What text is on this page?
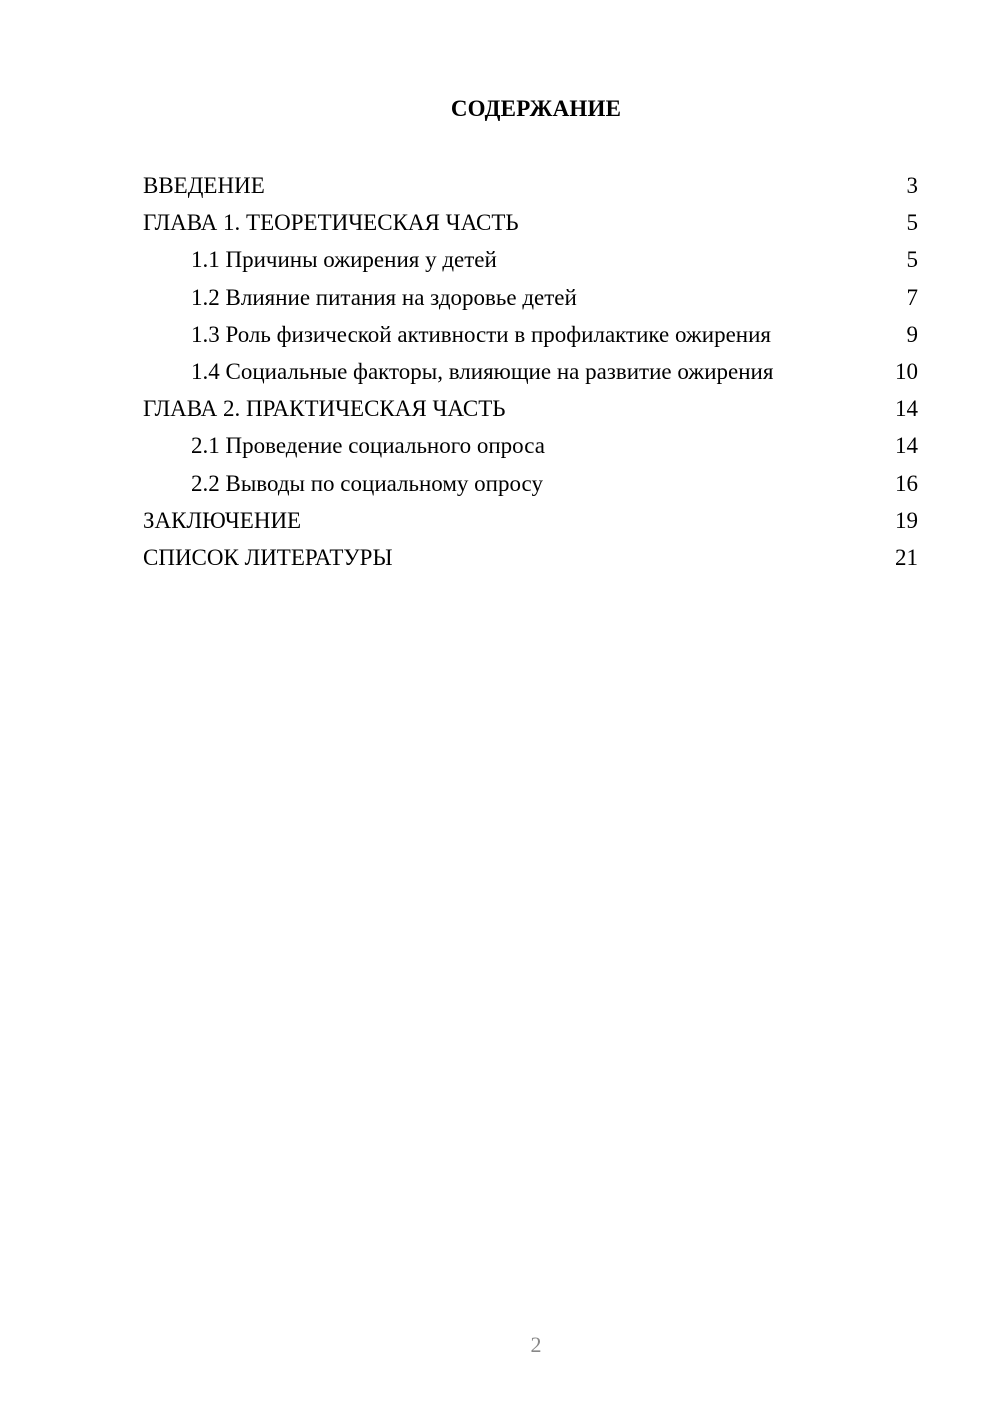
СОДЕРЖАНИЕ
ВВЕДЕНИЕ	3
ГЛАВА 1. ТЕОРЕТИЧЕСКАЯ ЧАСТЬ	5
1.1 Причины ожирения у детей	5
1.2 Влияние питания на здоровье детей	7
1.3 Роль физической активности в профилактике ожирения	9
1.4 Социальные факторы, влияющие на развитие ожирения	10
ГЛАВА 2. ПРАКТИЧЕСКАЯ ЧАСТЬ	14
2.1 Проведение социального опроса	14
2.2 Выводы по социальному опросу	16
ЗАКЛЮЧЕНИЕ	19
СПИСОК ЛИТЕРАТУРЫ	21
2
